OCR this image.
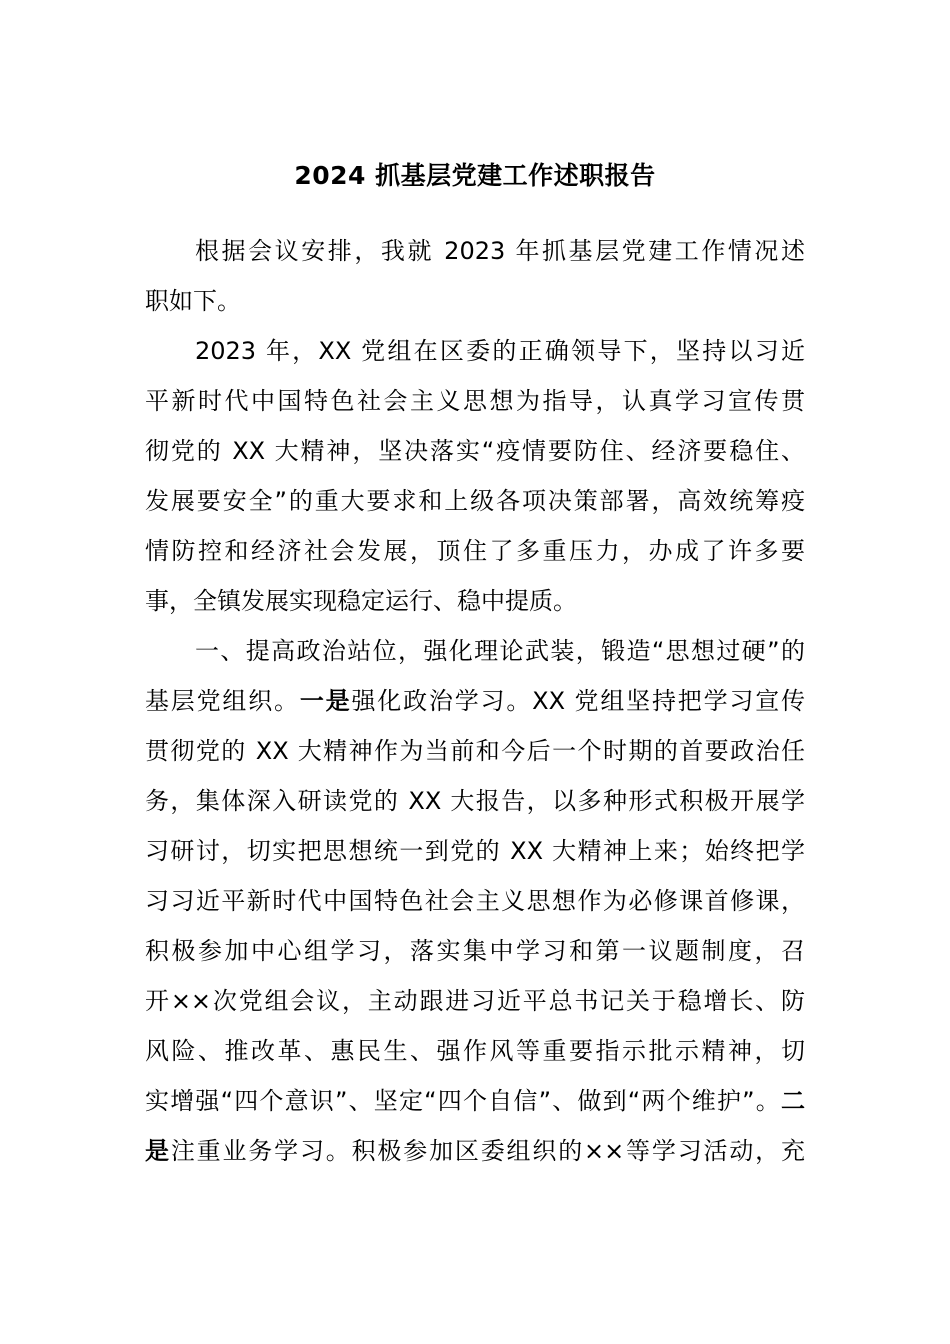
2024 抓基层党建工作述职报告
根据会议安排，我就 2023 年抓基层党建工作情况述
职如下。
2023 年，XX 党组在区委的正确领导下，坚持以习近
平新时代中国特色社会主义思想为指导，认真学习宣传贯
彻党的 XX 大精神，坚决落实“疫情要防住、经济要稳住、
发展要安全”的重大要求和上级各项决策部署，高效统筹疫
情防控和经济社会发展，顶住了多重压力，办成了许多要
事，全镇发展实现稳定运行、稳中提质。
一、提高政治站位，强化理论武装，锻造“思想过硬”的
基层党组织。一是强化政治学习。XX 党组坚持把学习宣传
贯彻党的 XX 大精神作为当前和今后一个时期的首要政治任
务，集体深入研读党的 XX 大报告，以多种形式积极开展学
习研讨，切实把思想统一到党的 XX 大精神上来；始终把学
习习近平新时代中国特色社会主义思想作为必修课首修课，
积极参加中心组学习，落实集中学习和第一议题制度，召
开××次党组会议，主动跟进习近平总书记关于稳增长、防
风险、推改革、惠民生、强作风等重要指示批示精神，切
实增强“四个意识”、坚定“四个自信”、做到“两个维护”。二
是注重业务学习。积极参加区委组织的××等学习活动，充
